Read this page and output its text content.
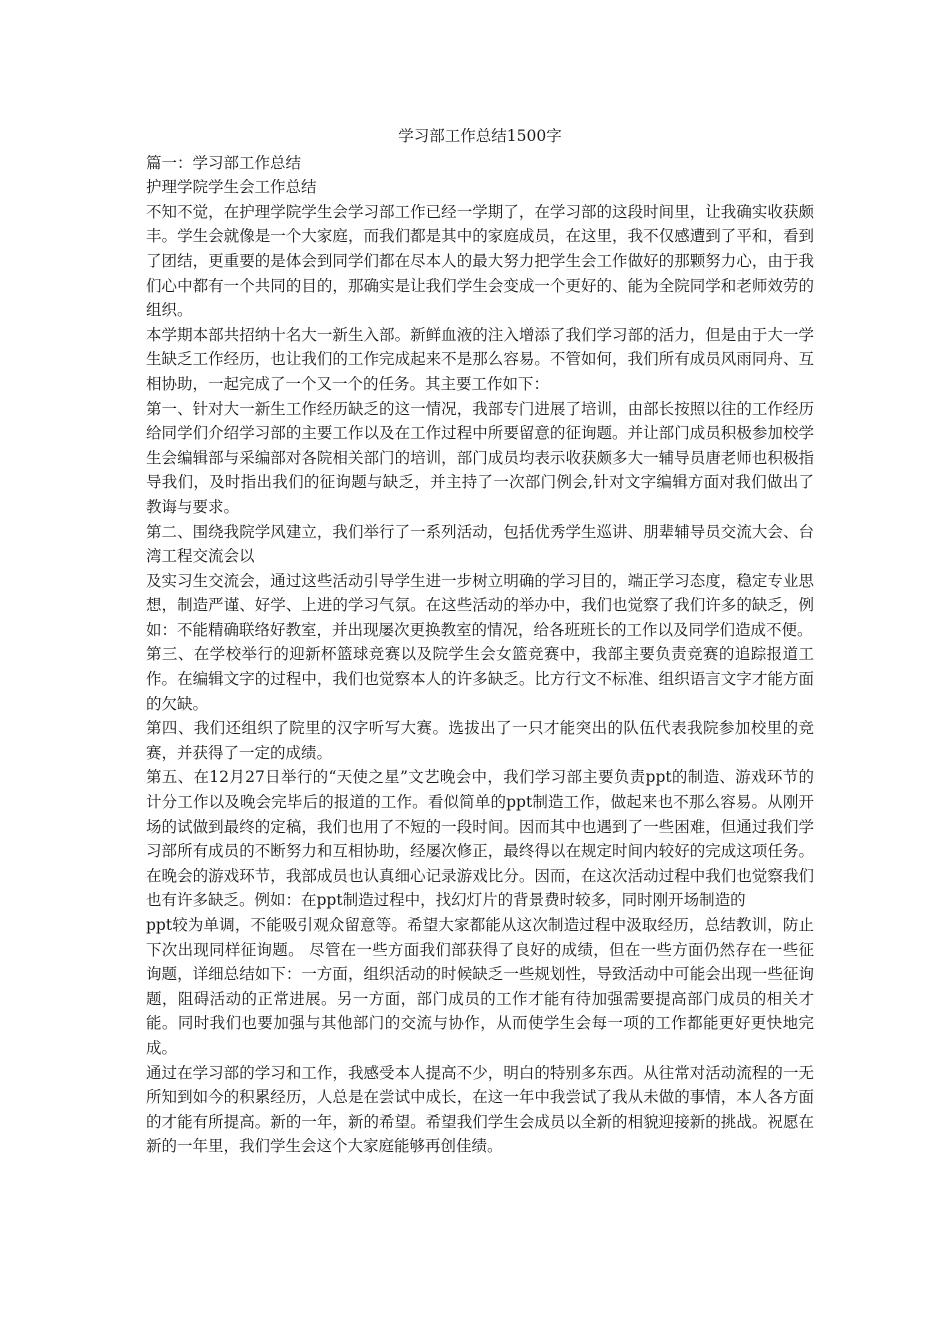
学习部工作总结1500字

篇一：学习部工作总结

护理学院学生会工作总结

不知不觉，在护理学院学生会学习部工作已经一学期了，在学习部的这段时间里，让我确实收获颇丰。学生会就像是一个大家庭，而我们都是其中的家庭成员，在这里，我不仅感遭到了平和，看到了团结，更重要的是体会到同学们都在尽本人的最大努力把学生会工作做好的那颗努力心，由于我们心中都有一个共同的目的，那确实是让我们学生会变成一个更好的、能为全院同学和老师效劳的组织。

本学期本部共招纳十名大一新生入部。新鲜血液的注入增添了我们学习部的活力，但是由于大一学生缺乏工作经历，也让我们的工作完成起来不是那么容易。不管如何，我们所有成员风雨同舟、互相协助，一起完成了一个又一个的任务。其主要工作如下：

第一、针对大一新生工作经历缺乏的这一情况，我部专门进展了培训，由部长按照以往的工作经历给同学们介绍学习部的主要工作以及在工作过程中所要留意的征询题。并让部门成员积极参加校学生会编辑部与采编部对各院相关部门的培训，部门成员均表示收获颇多大一辅导员唐老师也积极指导我们，及时指出我们的征询题与缺乏，并主持了一次部门例会,针对文字编辑方面对我们做出了教诲与要求。

第二、围绕我院学风建立，我们举行了一系列活动，包括优秀学生巡讲、朋辈辅导员交流大会、台湾工程交流会以

及实习生交流会，通过这些活动引导学生进一步树立明确的学习目的，端正学习态度，稳定专业思想，制造严谨、好学、上进的学习气氛。在这些活动的举办中，我们也觉察了我们许多的缺乏，例如：不能精确联络好教室，并出现屡次更换教室的情况，给各班班长的工作以及同学们造成不便。

第三、在学校举行的迎新杯篮球竞赛以及院学生会女篮竞赛中，我部主要负责竞赛的追踪报道工作。在编辑文字的过程中，我们也觉察本人的许多缺乏。比方行文不标准、组织语言文字才能方面的欠缺。

第四、我们还组织了院里的汉字听写大赛。选拔出了一只才能突出的队伍代表我院参加校里的竞赛，并获得了一定的成绩。

第五、在12月27日举行的“天使之星”文艺晚会中，我们学习部主要负责ppt的制造、游戏环节的计分工作以及晚会完毕后的报道的工作。看似简单的ppt制造工作，做起来也不那么容易。从刚开场的试做到最终的定稿，我们也用了不短的一段时间。因而其中也遇到了一些困难，但通过我们学习部所有成员的不断努力和互相协助，经屡次修正，最终得以在规定时间内较好的完成这项任务。在晚会的游戏环节，我部成员也认真细心记录游戏比分。因而，在这次活动过程中我们也觉察我们也有许多缺乏。例如：在ppt制造过程中，找幻灯片的背景费时较多，同时刚开场制造的

ppt较为单调，不能吸引观众留意等。希望大家都能从这次制造过程中汲取经历，总结教训，防止下次出现同样征询题。 尽管在一些方面我们部获得了良好的成绩，但在一些方面仍然存在一些征询题，详细总结如下：一方面，组织活动的时候缺乏一些规划性，导致活动中可能会出现一些征询题，阻碍活动的正常进展。另一方面，部门成员的工作才能有待加强需要提高部门成员的相关才能。同时我们也要加强与其他部门的交流与协作，从而使学生会每一项的工作都能更好更快地完成。

通过在学习部的学习和工作，我感受本人提高不少，明白的特别多东西。从往常对活动流程的一无所知到如今的积累经历，人总是在尝试中成长，在这一年中我尝试了我从未做的事情，本人各方面的才能有所提高。新的一年，新的希望。希望我们学生会成员以全新的相貌迎接新的挑战。祝愿在新的一年里，我们学生会这个大家庭能够再创佳绩。
